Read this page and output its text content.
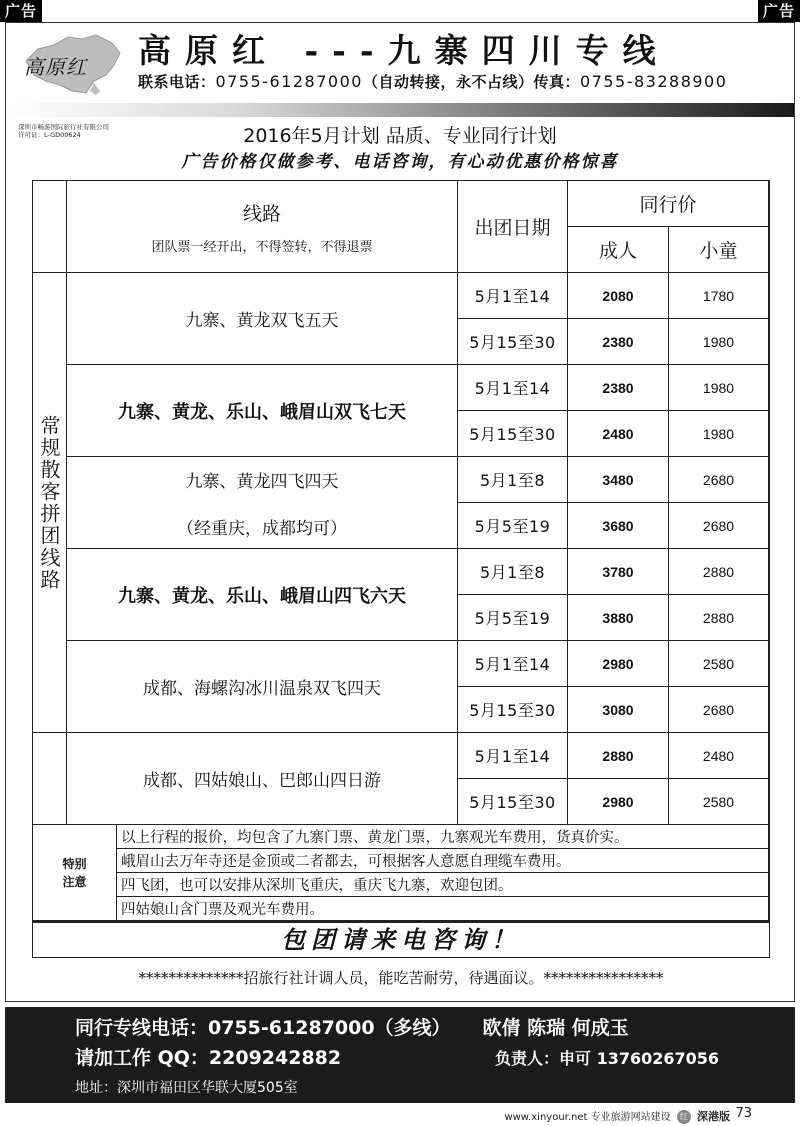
广告	广告
高原红 高原红 ---九寨四川专线
联系电话：0755-61287000（自动转接，永不占线）传真：0755-83288900
深圳市畅游国际旅行社有限公司
许可证：L-GD00624	2016年5月计划 品质、专业同行计划
广告价格仅做参考、电话咨询，有心动优惠价格惊喜
线路
团队票一经开出，不得签转，不得退票
出团日期
同行价
成人	小童
常规散客拼团线路
九寨、黄龙双飞五天
5月1至14	2080	1780
5月15至30	2380	1980
九寨、黄龙、乐山、峨眉山双飞七天
5月1至14	2380	1980
5月15至30	2480	1980
九寨、黄龙四飞四天
（经重庆，成都均可）
5月1至8	3480	2680
5月5至19	3680	2680
九寨、黄龙、乐山、峨眉山四飞六天
5月1至8	3780	2880
5月5至19	3880	2880
成都、海螺沟冰川温泉双飞四天
5月1至14	2980	2580
5月15至30	3080	2680
成都、四姑娘山、巴郎山四日游
5月1至14	2880	2480
5月15至30	2980	2580
特别
注意
以上行程的报价，均包含了九寨门票、黄龙门票，九寨观光车费用，货真价实。
峨眉山去万年寺还是金顶或二者都去，可根据客人意愿自理缆车费用。
四飞团，也可以安排从深圳飞重庆，重庆飞九寨，欢迎包团。
四姑娘山含门票及观光车费用。
包团请来电咨询！
**************招旅行社计调人员，能吃苦耐劳，待遇面议。****************
同行专线电话：0755-61287000（多线） 欧倩 陈瑞 何成玉
请加工作 QQ：2209242882	负责人：申可 13760267056
地址：深圳市福田区华联大厦505室
www.xinyour.net 专业旅游网站建设 红 深港版 73
